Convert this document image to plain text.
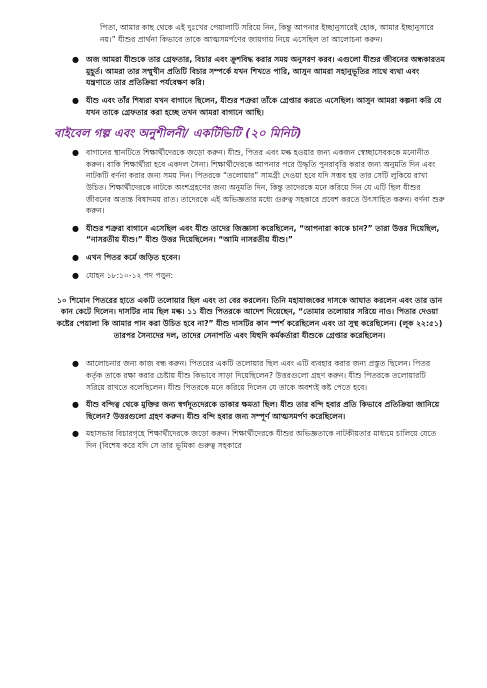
পিতা, আমার কাছ থেকে এই দুঃখের পেয়ালাটি সরিয়ে নিন, কিন্তু আপনার ইচ্ছানুসারেই হোক, আমার ইচ্ছানুসারে নয়।” যীশুর প্রার্থনা কিভাবে তাকে আত্মসমর্পণের জায়গায় নিয়ে এসেছিল তা আলোচনা করুন।

● অজ আমরা যীশুকে তার গ্রেফতার, বিচার এবং ক্রুশবিদ্ধ করার সময় অনুসরণ করব। এগুলো যীশুর জীবনের অন্ধকারতম মুহূর্ত। আমরা তার সম্মুখীন প্রতিটি বিচার সম্পর্কে যখন শিখতে পারি, আসুন আমরা সহানুভূতির সাথে ব্যথা এবং যন্ত্রণাতে তার প্রতিক্রিয়া পর্যবেক্ষণ করি।
● যীশু এবং তাঁর শিষ্যরা যখন বাগানে ছিলেন, যীশুর শত্রুরা তাঁকে গ্রেপ্তার করতে এসেছিল। আসুন আমরা কল্পনা করি যে যখন তাকে গ্রেফতার করা হচ্ছে তখন আমরা বাগানে আছি।
বাইবেল গল্প এবং অনুশীলনী/ একটিভিটি (২০ মিনিট)
● বাগানের স্থানটিতে শিক্ষার্থীদেরকে জড়ো করুন। যীশু, পিতর এবং মল্ক হওয়ার জন্য একজন স্বেচ্ছাসেবককে মনোনীত করুন। বাকি শিক্ষার্থীরা হবে একদল সৈন্য। শিক্ষার্থীদেরকে আপনার পরে উদ্ধৃতি পুনরাবৃত্তি করার জন্য অনুমতি দিন এবং নাটকটি বর্ণনা করার জন্য সময় দিন। পিতরকে “তলোয়ার” সামগ্রী দেওয়া হবে যদি সম্ভব হয় তার সেটি লুকিয়ে রাখা উচিত। শিক্ষার্থীদেরকে নাটকে অংশগ্রহণের জন্য অনুমতি দিন, কিন্তু তাদেরকে মনে করিয়ে দিন যে এটি ছিল যীশুর জীবনের অত্যন্ত বিষাদময় রাত। তাদেরকে এই অভিজ্ঞতার মধ্যে গুরুত্ব সহকারে প্রবেশ করতে উৎসাহিত করুন। বর্ণনা শুরু করুন।
● যীশুর শত্রুরা বাগানে এসেছিল এবং যীশু তাদের জিজ্ঞাসা করেছিলেন, “আপনারা কাকে চান?” তারা উত্তর দিয়েছিল, “নাসরতীয় যীশু।” যীশু উত্তর দিয়েছিলেন। “আমি নাসরতীয় যীশু।”
● এখন পিতর কর্মে জড়িত হবেন।
● যোহন ১৮:১০-১২ পদ পড়ুন:

১০ শিমোন পিতরের হাতে একটি তলোয়ার ছিল এবং তা বের করলেন। তিনি মহাযাজকের দাসকে আঘাত করলেন এবং তার ডান কান কেটে দিলেন। দাসটির নাম ছিল মল্ক। ১১ যীশু পিতরকে আদেশ দিয়েছেন, “তোমার তলোয়ার সরিয়ে নাও। পিতার দেওয়া কষ্টের পেয়ালা কি আমার পান করা উচিত হবে না?” যীশু দাসটির কান স্পর্শ করেছিলেন এবং তা সুস্থ করেছিলেন। (লূক ২২:৫১) তারপর সৈন্যদের দল, তাদের সেনাপতি এবং যিহুদি কর্মকর্তারা যীশুকে গ্রেপ্তার করেছিলেন।

● আলোচনার জন্য কাজ বন্ধ করুন। পিতরের একটি তলোয়ার ছিল এবং এটি ব্যবহার করার জন্য প্রস্তুত ছিলেন। পিতর কর্তৃক তাকে রক্ষা করার চেষ্টায় যীশু কিভাবে সাড়া দিয়েছিলেন? উত্তরগুলো গ্রহণ করুন। যীশু পিতরকে তলোয়ারটি সরিয়ে রাখতে বলেছিলেন। যীশু পিতরকে মনে করিয়ে দিলেন যে তাকে অবশ্যই কষ্ট পেতে হবে।
● যীশু বন্দিত্ব থেকে মুক্তির জন্য স্বর্গদূতদেরকে ডাকার ক্ষমতা ছিল। যীশু তার বন্দি হবার প্রতি কিভাবে প্রতিক্রিয়া জানিয়ে ছিলেন? উত্তরগুলো গ্রহণ করুন। যীশু বন্দি হবার জন্য সম্পূর্ণ আত্মসমর্পণ করেছিলেন।
● মহাসভার বিচারগৃহে শিক্ষার্থীদেরকে জড়ো করুন। শিক্ষার্থীদেরকে যীশুর অভিজ্ঞতাকে নাটকীয়তার মাধ্যমে চালিয়ে যেতে দিন (বিশেষ করে যদি সে তার ভূমিকা গুরুত্ব সহকারে
